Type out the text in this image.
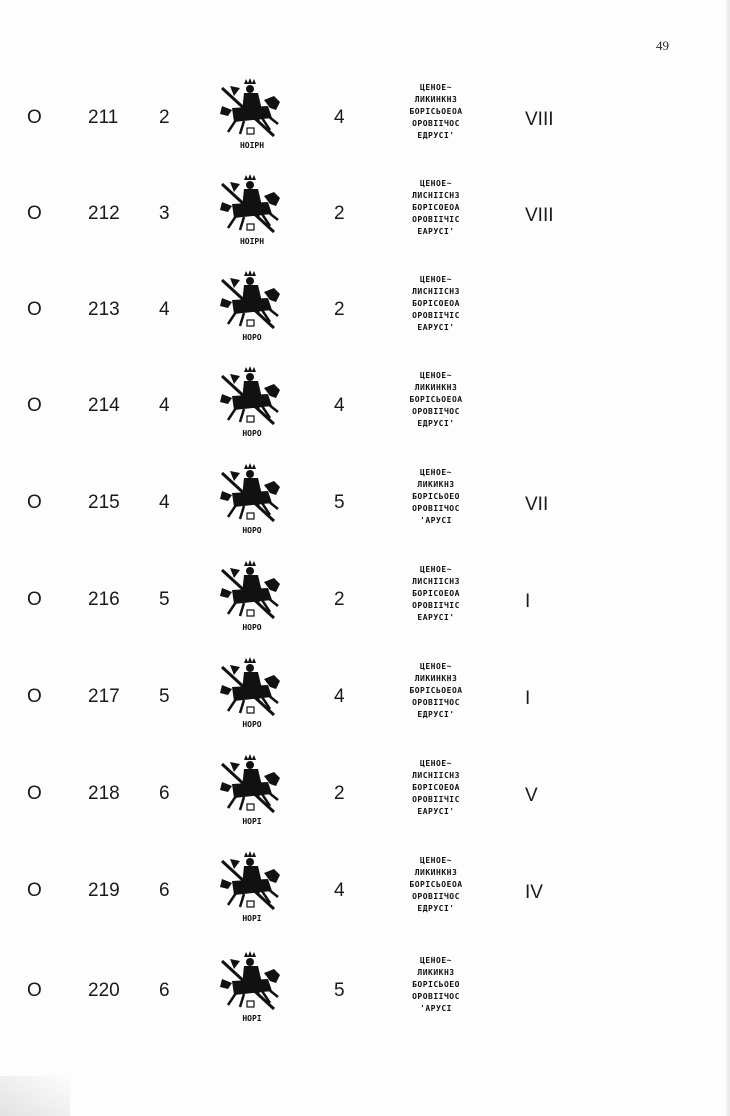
49
O 211 2
НОІРН
4
ЦЕНОЕ~
ЛИКИНКНЗ
БОРІСЬОЕОА
ОРОВІІЧОС
ЕДРУСІ'
VIII
O 212 3
НОІРН
2
ЦЕНОЕ~
ЛИСНІІСНЗ
БОРІСОЕОА
ОРОВІІЧІС
ЕАРУСІ'
VIII
O 213 4
НОРО
2
ЦЕНОЕ~
ЛИСНІІСНЗ
БОРІСОЕОА
ОРОВІІЧІС
ЕАРУСІ'
O 214 4
НОРО
4
ЦЕНОЕ~
ЛИКИНКНЗ
БОРІСЬОЕОА
ОРОВІІЧОС
ЕДРУСІ'
O 215 4
НОРО
5
ЦЕНОЕ~
ЛИКИКНЗ
БОРІСЬОЕО
ОРОВІІЧОС
'АРУСІ
VII
O 216 5
НОРО
2
ЦЕНОЕ~
ЛИСНІІСНЗ
БОРІСОЕОА
ОРОВІІЧІС
ЕАРУСІ'
I
O 217 5
НОРО
4
ЦЕНОЕ~
ЛИКИНКНЗ
БОРІСЬОЕОА
ОРОВІІЧОС
ЕДРУСІ'
I
O 218 6
НОРІ
2
ЦЕНОЕ~
ЛИСНІІСНЗ
БОРІСОЕОА
ОРОВІІЧІС
ЕАРУСІ'
V
O 219 6
НОРІ
4
ЦЕНОЕ~
ЛИКИНКНЗ
БОРІСЬОЕОА
ОРОВІІЧОС
ЕДРУСІ'
IV
O 220 6
НОРІ
5
ЦЕНОЕ~
ЛИКИКНЗ
БОРІСЬОЕО
ОРОВІІЧОС
'АРУСІ
